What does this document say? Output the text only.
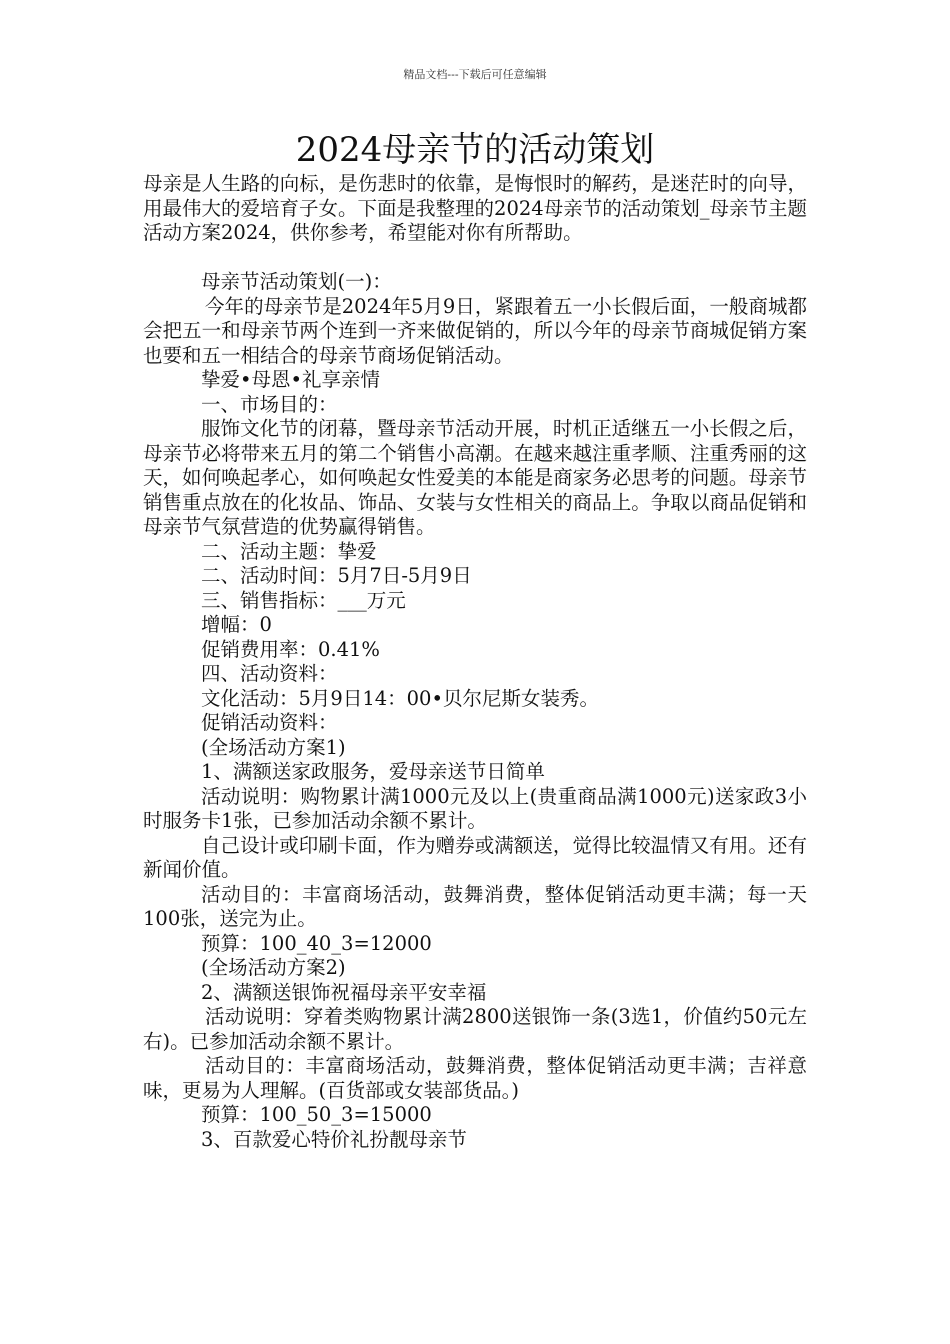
精品文档---下载后可任意编辑
2024母亲节的活动策划

母亲是人生路的向标，是伤悲时的依靠，是悔恨时的解药，是迷茫时的向导，用最伟大的爱培育子女。下面是我整理的2024母亲节的活动策划_母亲节主题活动方案2024，供你参考，希望能对你有所帮助。

母亲节活动策划(一)：

今年的母亲节是2024年5月9日，紧跟着五一小长假后面，一般商城都会把五一和母亲节两个连到一齐来做促销的，所以今年的母亲节商城促销方案也要和五一相结合的母亲节商场促销活动。

挚爱•母恩•礼享亲情

一、市场目的：

服饰文化节的闭幕，暨母亲节活动开展，时机正适继五一小长假之后，母亲节必将带来五月的第二个销售小高潮。在越来越注重孝顺、注重秀丽的这天，如何唤起孝心，如何唤起女性爱美的本能是商家务必思考的问题。母亲节销售重点放在的化妆品、饰品、女装与女性相关的商品上。争取以商品促销和母亲节气氛营造的优势赢得销售。

二、活动主题：挚爱

二、活动时间：5月7日-5月9日

三、销售指标：___万元

增幅：0

促销费用率：0.41%

四、活动资料：

文化活动：5月9日14：00•贝尔尼斯女装秀。

促销活动资料：

(全场活动方案1)

1、满额送家政服务，爱母亲送节日简单

活动说明：购物累计满1000元及以上(贵重商品满1000元)送家政3小时服务卡1张，已参加活动余额不累计。

自己设计或印刷卡面，作为赠券或满额送，觉得比较温情又有用。还有新闻价值。

活动目的：丰富商场活动，鼓舞消费，整体促销活动更丰满；每一天100张，送完为止。

预算：100_40_3=12000

(全场活动方案2)

2、满额送银饰祝福母亲平安幸福

活动说明：穿着类购物累计满2800送银饰一条(3选1，价值约50元左右)。已参加活动余额不累计。

活动目的：丰富商场活动，鼓舞消费，整体促销活动更丰满；吉祥意味，更易为人理解。(百货部或女装部货品。)

预算：100_50_3=15000

3、百款爱心特价礼扮靓母亲节
